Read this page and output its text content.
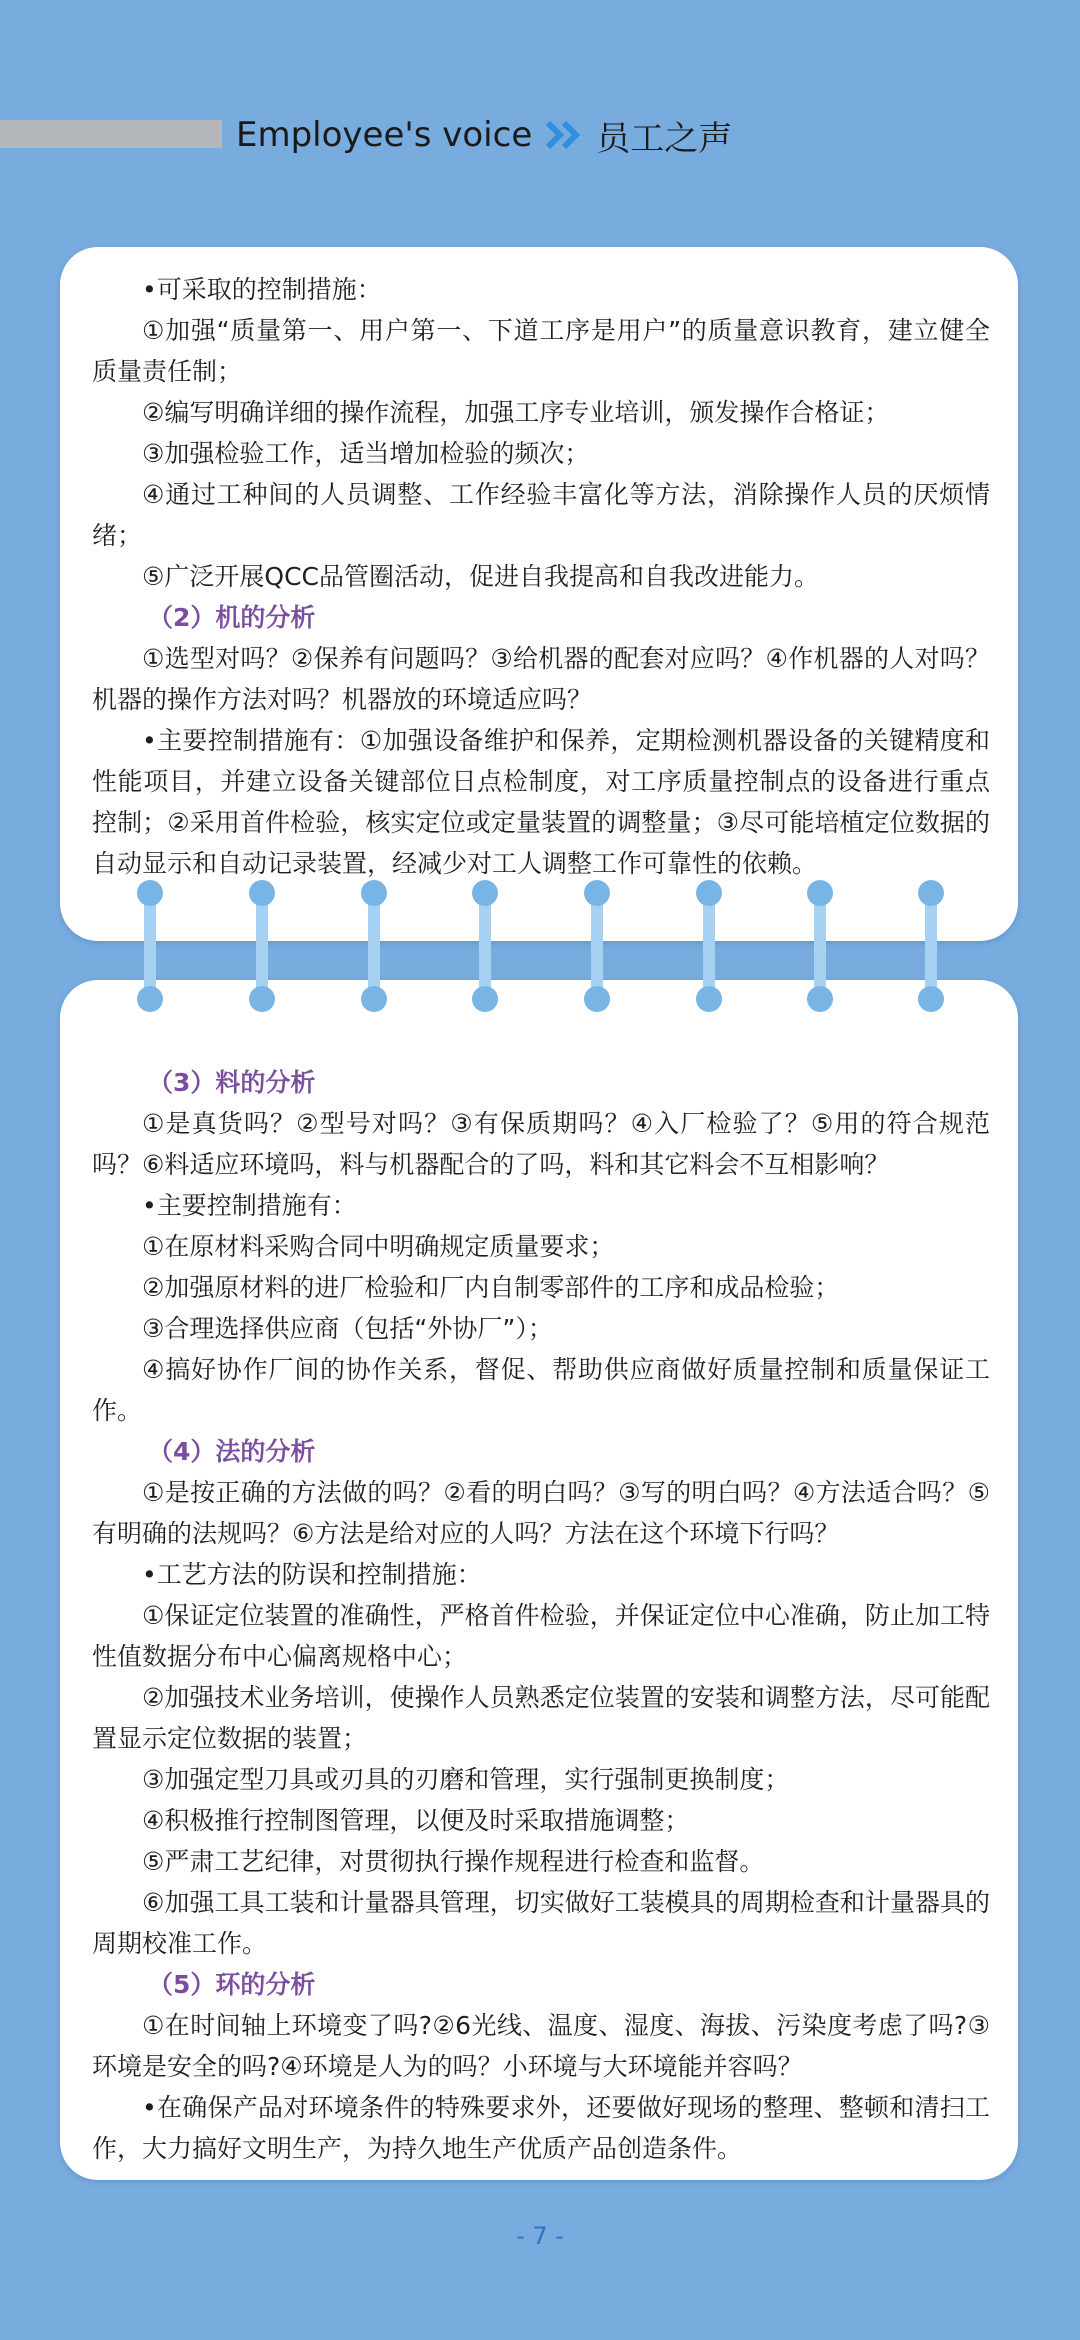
Employee's voice 员工之声

•可采取的控制措施：

①加强“质量第一、用户第一、下道工序是用户”的质量意识教育，建立健全质量责任制；

②编写明确详细的操作流程，加强工序专业培训，颁发操作合格证；

③加强检验工作，适当增加检验的频次；

④通过工种间的人员调整、工作经验丰富化等方法，消除操作人员的厌烦情绪；

⑤广泛开展QCC品管圈活动，促进自我提高和自我改进能力。

（2）机的分析

①选型对吗？②保养有问题吗？③给机器的配套对应吗？④作机器的人对吗？机器的操作方法对吗？机器放的环境适应吗？

•主要控制措施有：①加强设备维护和保养，定期检测机器设备的关键精度和性能项目，并建立设备关键部位日点检制度，对工序质量控制点的设备进行重点控制；②采用首件检验，核实定位或定量装置的调整量；③尽可能培植定位数据的自动显示和自动记录装置，经减少对工人调整工作可靠性的依赖。

（3）料的分析

①是真货吗？②型号对吗？③有保质期吗？④入厂检验了？⑤用的符合规范吗？⑥料适应环境吗，料与机器配合的了吗，料和其它料会不互相影响？

•主要控制措施有：

①在原材料采购合同中明确规定质量要求；

②加强原材料的进厂检验和厂内自制零部件的工序和成品检验；

③合理选择供应商（包括“外协厂”）；

④搞好协作厂间的协作关系，督促、帮助供应商做好质量控制和质量保证工作。

（4）法的分析

①是按正确的方法做的吗？②看的明白吗？③写的明白吗？④方法适合吗？⑤有明确的法规吗？⑥方法是给对应的人吗？方法在这个环境下行吗？

•工艺方法的防误和控制措施：

①保证定位装置的准确性，严格首件检验，并保证定位中心准确，防止加工特性值数据分布中心偏离规格中心；

②加强技术业务培训，使操作人员熟悉定位装置的安装和调整方法，尽可能配置显示定位数据的装置；

③加强定型刀具或刃具的刃磨和管理，实行强制更换制度；

④积极推行控制图管理，以便及时采取措施调整；

⑤严肃工艺纪律，对贯彻执行操作规程进行检查和监督。

⑥加强工具工装和计量器具管理，切实做好工装模具的周期检查和计量器具的周期校准工作。

（5）环的分析

①在时间轴上环境变了吗?②6光线、温度、湿度、海拔、污染度考虑了吗?③环境是安全的吗?④环境是人为的吗？小环境与大环境能并容吗？

•在确保产品对环境条件的特殊要求外，还要做好现场的整理、整顿和清扫工作，大力搞好文明生产，为持久地生产优质产品创造条件。

- 7 -
